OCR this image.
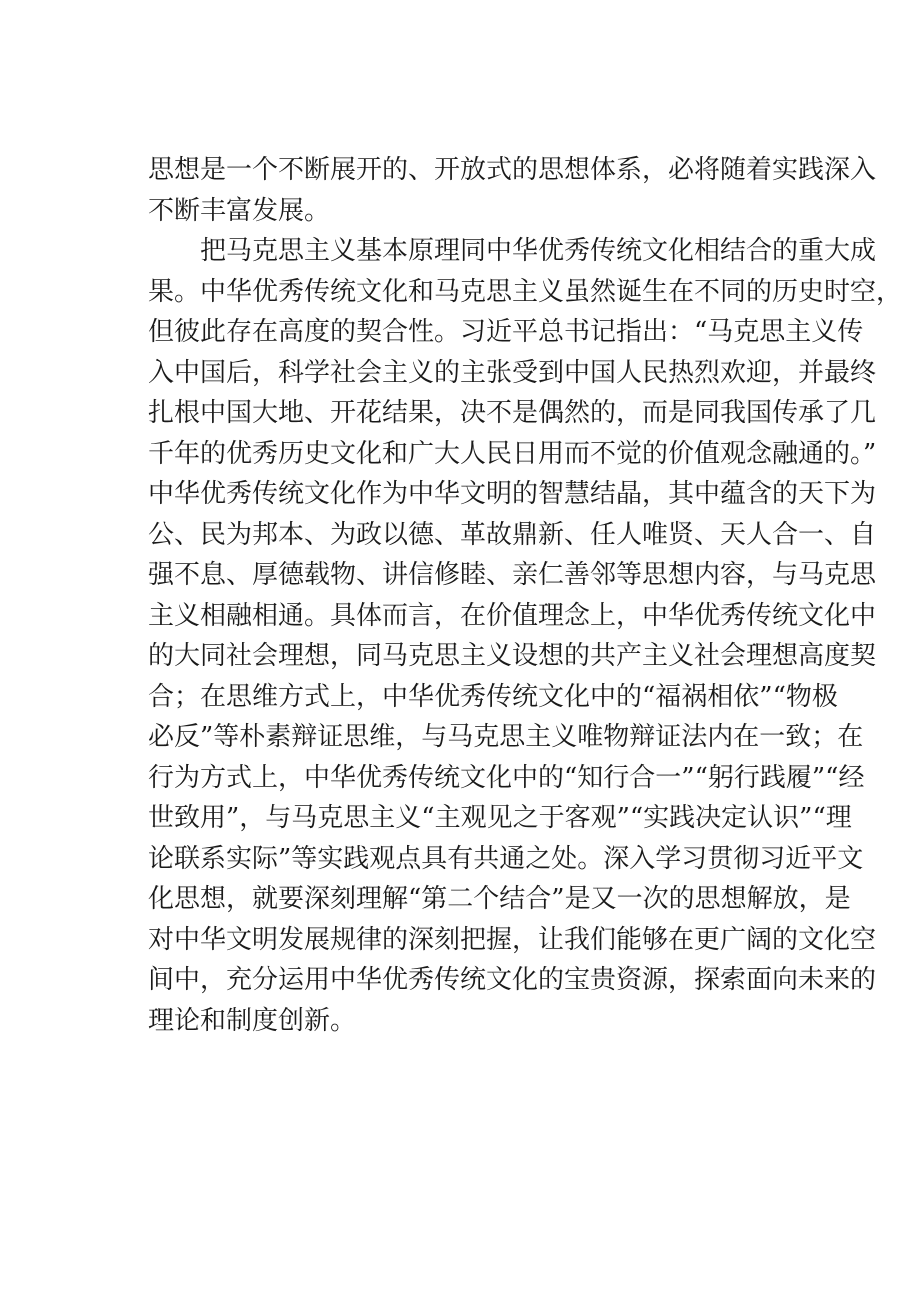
思想是一个不断展开的、开放式的思想体系，必将随着实践深入
不断丰富发展。
把马克思主义基本原理同中华优秀传统文化相结合的重大成
果。中华优秀传统文化和马克思主义虽然诞生在不同的历史时空，
但彼此存在高度的契合性。习近平总书记指出：“马克思主义传
入中国后，科学社会主义的主张受到中国人民热烈欢迎，并最终
扎根中国大地、开花结果，决不是偶然的，而是同我国传承了几
千年的优秀历史文化和广大人民日用而不觉的价值观念融通的。”
中华优秀传统文化作为中华文明的智慧结晶，其中蕴含的天下为
公、民为邦本、为政以德、革故鼎新、任人唯贤、天人合一、自
强不息、厚德载物、讲信修睦、亲仁善邻等思想内容，与马克思
主义相融相通。具体而言，在价值理念上，中华优秀传统文化中
的大同社会理想，同马克思主义设想的共产主义社会理想高度契
合；在思维方式上，中华优秀传统文化中的“福祸相依”“物极
必反”等朴素辩证思维，与马克思主义唯物辩证法内在一致；在
行为方式上，中华优秀传统文化中的“知行合一”“躬行践履”“经
世致用”，与马克思主义“主观见之于客观”“实践决定认识”“理
论联系实际”等实践观点具有共通之处。深入学习贯彻习近平文
化思想，就要深刻理解“第二个结合”是又一次的思想解放，是
对中华文明发展规律的深刻把握，让我们能够在更广阔的文化空
间中，充分运用中华优秀传统文化的宝贵资源，探索面向未来的
理论和制度创新。
